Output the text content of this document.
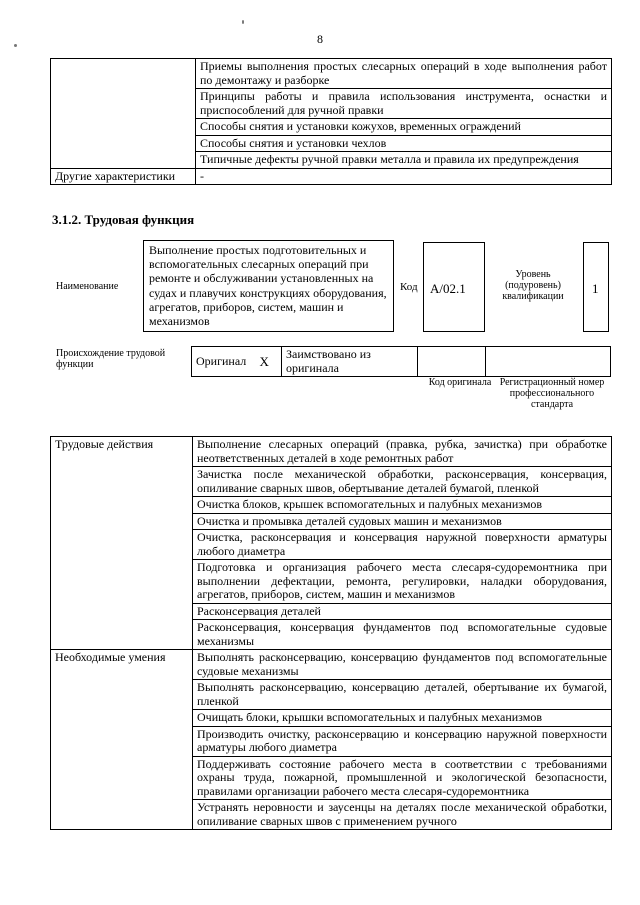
8
	Приемы выполнения простых слесарных операций в ходе выполнения работ по демонтажу и разборке
	Принципы работы и правила использования инструмента, оснастки и приспособлений для ручной правки
	Способы снятия и установки кожухов, временных ограждений
	Способы снятия и установки чехлов
	Типичные дефекты ручной правки металла и правила их предупреждения
Другие характеристики	-
3.1.2. Трудовая функция
Наименование
Выполнение простых подготовительных и вспомогательных слесарных операций при ремонте и обслуживании установленных на судах и плавучих конструкциях оборудования, агрегатов, приборов, систем, машин и механизмов
Код A/02.1
Уровень (подуровень) квалификации
1
Происхождение трудовой функции	Оригинал	X	Заимствовано из оригинала		
Код оригинала Регистрационный номер профессионального стандарта
Трудовые действия	Выполнение слесарных операций (правка, рубка, зачистка) при обработке неответственных деталей в ходе ремонтных работ
	Зачистка после механической обработки, расконсервация, консервация, опиливание сварных швов, обертывание деталей бумагой, пленкой
	Очистка блоков, крышек вспомогательных и палубных механизмов
	Очистка и промывка деталей судовых машин и механизмов
	Очистка, расконсервация и консервация наружной поверхности арматуры любого диаметра
	Подготовка и организация рабочего места слесаря-судоремонтника при выполнении дефектации, ремонта, регулировки, наладки оборудования, агрегатов, приборов, систем, машин и механизмов
	Расконсервация деталей
	Расконсервация, консервация фундаментов под вспомогательные судовые механизмы
Необходимые умения	Выполнять расконсервацию, консервацию фундаментов под вспомогательные судовые механизмы
	Выполнять расконсервацию, консервацию деталей, обертывание их бумагой, пленкой
	Очищать блоки, крышки вспомогательных и палубных механизмов
	Производить очистку, расконсервацию и консервацию наружной поверхности арматуры любого диаметра
	Поддерживать состояние рабочего места в соответствии с требованиями охраны труда, пожарной, промышленной и экологической безопасности, правилами организации рабочего места слесаря-судоремонтника
	Устранять неровности и заусенцы на деталях после механической обработки, опиливание сварных швов с применением ручного
